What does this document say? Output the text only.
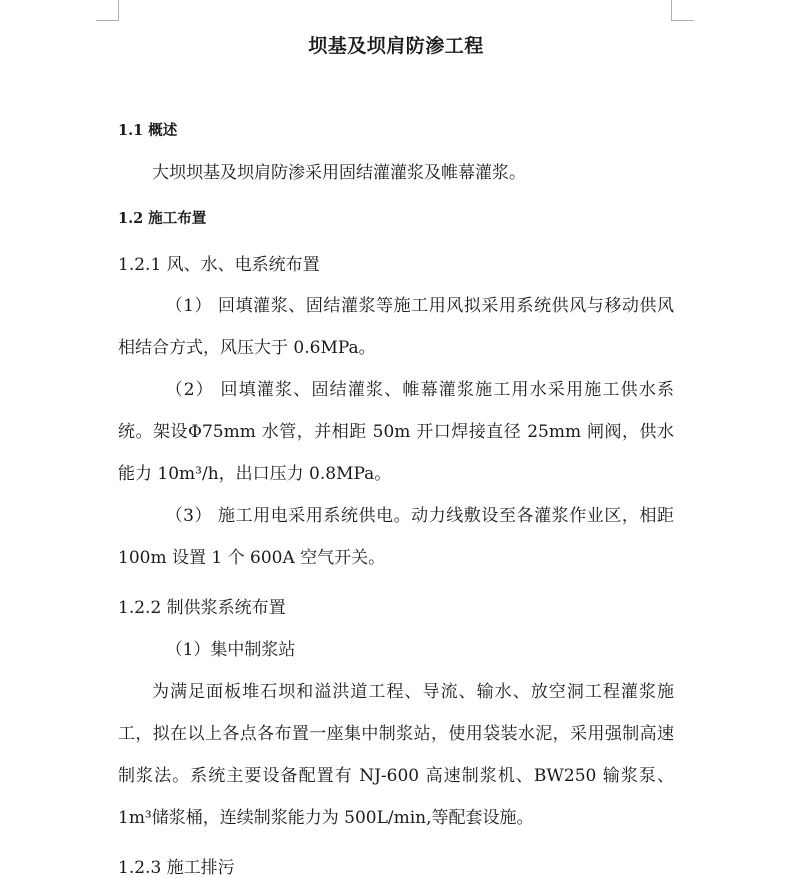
坝基及坝肩防渗工程
1.1 概述
大坝坝基及坝肩防渗采用固结灌灌浆及帷幕灌浆。
1.2 施工布置
1.2.1 风、水、电系统布置
（1） 回填灌浆、固结灌浆等施工用风拟采用系统供风与移动供风相结合方式，风压大于 0.6MPa。
（2） 回填灌浆、固结灌浆、帷幕灌浆施工用水采用施工供水系统。架设Φ75mm 水管，并相距 50m 开口焊接直径 25mm 闸阀，供水能力 10m³/h，出口压力 0.8MPa。
（3） 施工用电采用系统供电。动力线敷设至各灌浆作业区，相距 100m 设置 1 个 600A 空气开关。
1.2.2 制供浆系统布置
（1）集中制浆站
为满足面板堆石坝和溢洪道工程、导流、输水、放空洞工程灌浆施工，拟在以上各点各布置一座集中制浆站，使用袋装水泥，采用强制高速制浆法。系统主要设备配置有 NJ-600 高速制浆机、BW250 输浆泵、1m³储浆桶，连续制浆能力为 500L/min,等配套设施。
1.2.3 施工排污
